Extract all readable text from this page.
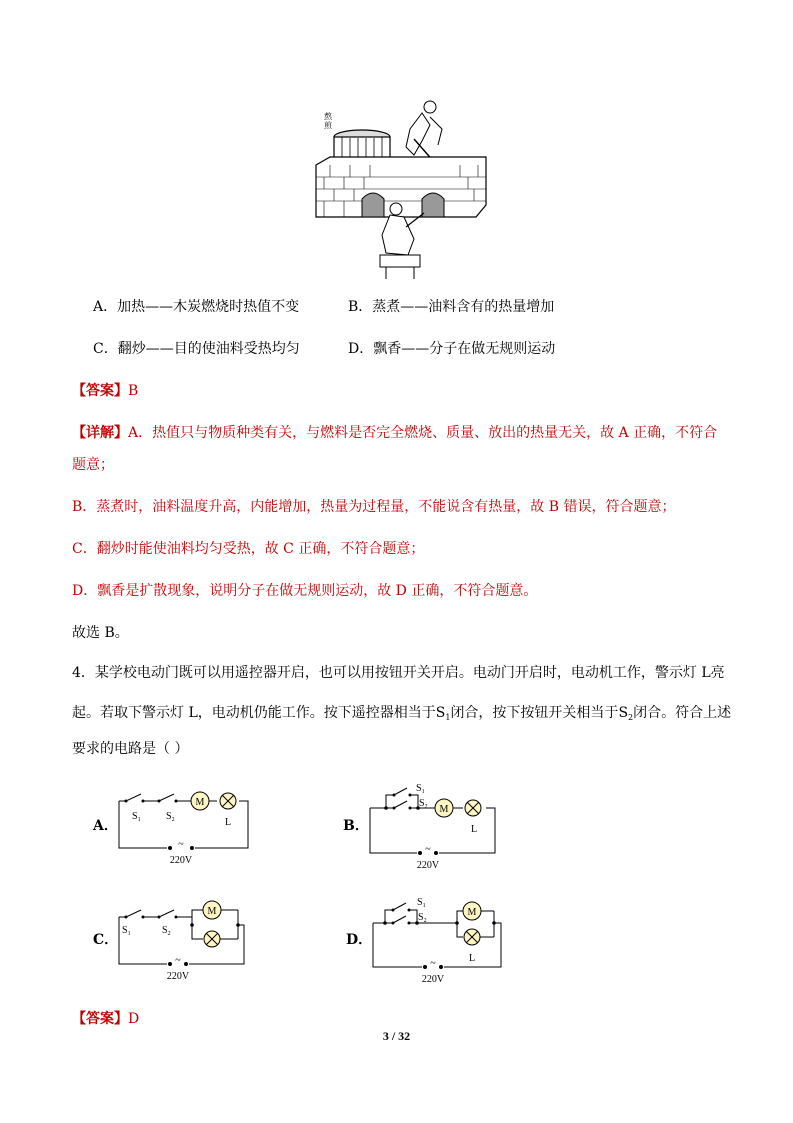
熬
煎
A．加热——木炭燃烧时热值不变	B．蒸煮——油料含有的热量增加
C．翻炒——目的使油料受热均匀	D．飘香——分子在做无规则运动
【答案】B
【详解】A．热值只与物质种类有关，与燃料是否完全燃烧、质量、放出的热量无关，故 A 正确，不符合
题意；
B．蒸煮时，油料温度升高，内能增加，热量为过程量，不能说含有热量，故 B 错误，符合题意；
C．翻炒时能使油料均匀受热，故 C 正确，不符合题意；
D．飘香是扩散现象，说明分子在做无规则运动，故 D 正确，不符合题意。
故选 B。
4．某学校电动门既可以用遥控器开启，也可以用按钮开关开启。电动门开启时，电动机工作，警示灯 L亮
起。若取下警示灯 L，电动机仍能工作。按下遥控器相当于$S_1$闭合，按下按钮开关相当于$S_2$闭合。符合上述
要求的电路是（ ）
A．
M
$S_1$	$S_2$	L
~
220V
B．
M
$S_1$
$S_2$
L
~
220V
C．
M
$S_1$	$S_2$
~
220V
D．
M
$S_1$
$S_2$
L
~
220V
【答案】D
3 / 32
